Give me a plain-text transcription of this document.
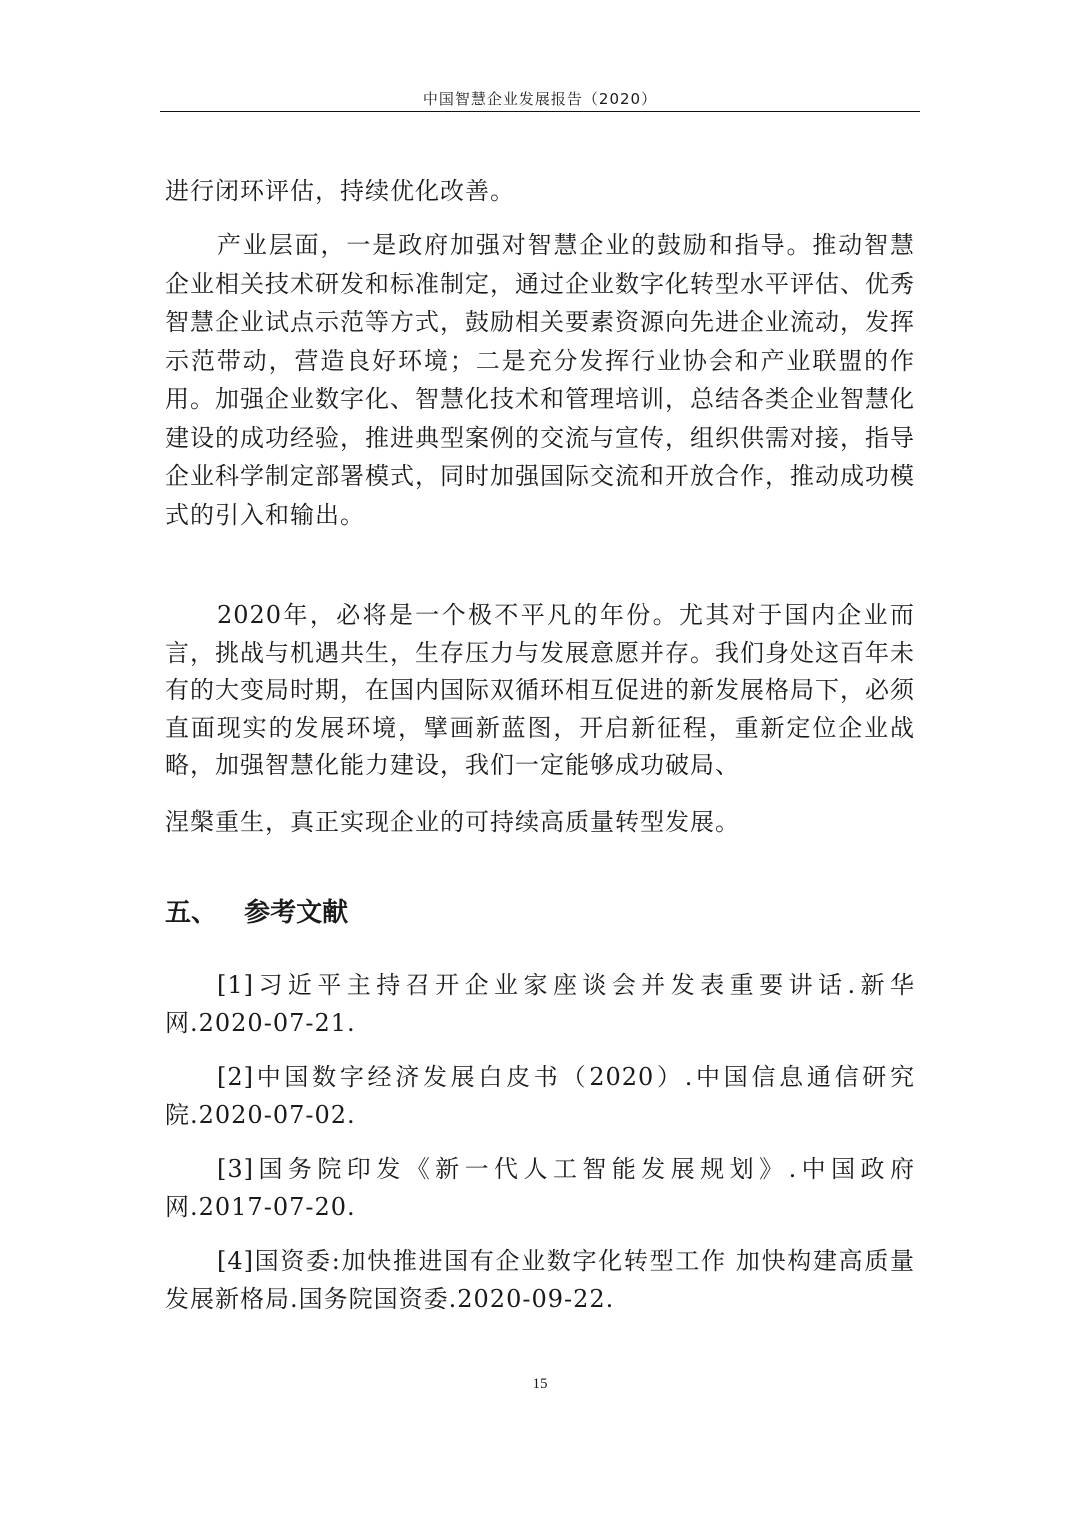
中国智慧企业发展报告（2020）

进行闭环评估，持续优化改善。

产业层面，一是政府加强对智慧企业的鼓励和指导。推动智慧企业相关技术研发和标准制定，通过企业数字化转型水平评估、优秀智慧企业试点示范等方式，鼓励相关要素资源向先进企业流动，发挥示范带动，营造良好环境；二是充分发挥行业协会和产业联盟的作用。加强企业数字化、智慧化技术和管理培训，总结各类企业智慧化建设的成功经验，推进典型案例的交流与宣传，组织供需对接，指导企业科学制定部署模式，同时加强国际交流和开放合作，推动成功模式的引入和输出。

2020年，必将是一个极不平凡的年份。尤其对于国内企业而言，挑战与机遇共生，生存压力与发展意愿并存。我们身处这百年未有的大变局时期，在国内国际双循环相互促进的新发展格局下，必须直面现实的发展环境，擘画新蓝图，开启新征程，重新定位企业战略，加强智慧化能力建设，我们一定能够成功破局、

涅槃重生，真正实现企业的可持续高质量转型发展。

五、   参考文献

[1]习近平主持召开企业家座谈会并发表重要讲话.新华网.2020-07-21.

[2]中国数字经济发展白皮书（2020）.中国信息通信研究院.2020-07-02.

[3]国务院印发《新一代人工智能发展规划》.中国政府网.2017-07-20.

[4]国资委:加快推进国有企业数字化转型工作 加快构建高质量发展新格局.国务院国资委.2020-09-22.

15
